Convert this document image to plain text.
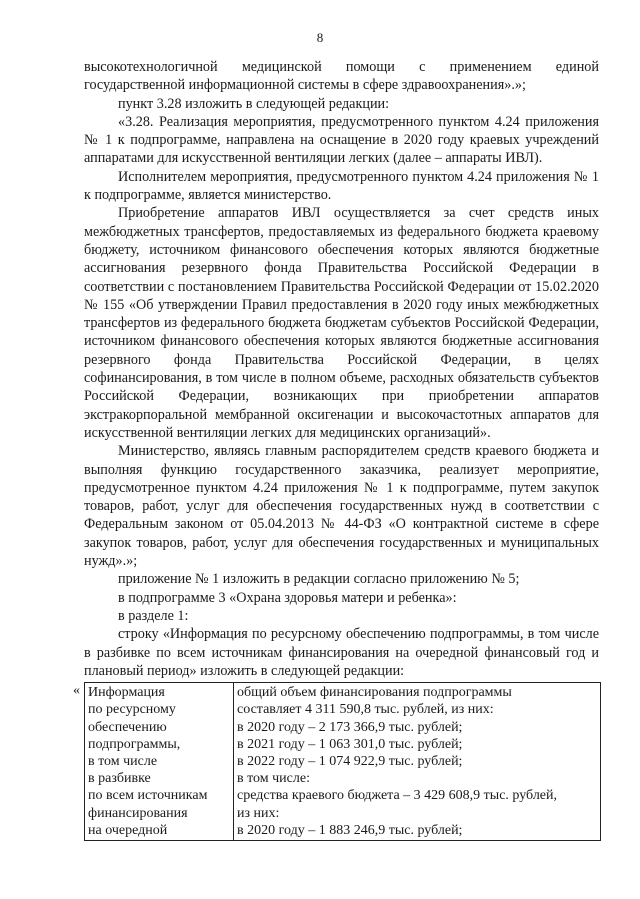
8

высокотехнологичной медицинской помощи с применением единой государственной информационной системы в сфере здравоохранения».»;

пункт 3.28 изложить в следующей редакции:

«3.28. Реализация мероприятия, предусмотренного пунктом 4.24 приложения № 1 к подпрограмме, направлена на оснащение в 2020 году краевых учреждений аппаратами для искусственной вентиляции легких (далее – аппараты ИВЛ).

Исполнителем мероприятия, предусмотренного пунктом 4.24 приложения № 1 к подпрограмме, является министерство.

Приобретение аппаратов ИВЛ осуществляется за счет средств иных межбюджетных трансфертов, предоставляемых из федерального бюджета краевому бюджету, источником финансового обеспечения которых являются бюджетные ассигнования резервного фонда Правительства Российской Федерации в соответствии с постановлением Правительства Российской Федерации от 15.02.2020 № 155 «Об утверждении Правил предоставления в 2020 году иных межбюджетных трансфертов из федерального бюджета бюджетам субъектов Российской Федерации, источником финансового обеспечения которых являются бюджетные ассигнования резервного фонда Правительства Российской Федерации, в целях софинансирования, в том числе в полном объеме, расходных обязательств субъектов Российской Федерации, возникающих при приобретении аппаратов экстракорпоральной мембранной оксигенации и высокочастотных аппаратов для искусственной вентиляции легких для медицинских организаций».

Министерство, являясь главным распорядителем средств краевого бюджета и выполняя функцию государственного заказчика, реализует мероприятие, предусмотренное пунктом 4.24 приложения № 1 к подпрограмме, путем закупок товаров, работ, услуг для обеспечения государственных нужд в соответствии с Федеральным законом от 05.04.2013 № 44-ФЗ «О контрактной системе в сфере закупок товаров, работ, услуг для обеспечения государственных и муниципальных нужд».»;

приложение № 1 изложить в редакции согласно приложению № 5;

в подпрограмме 3 «Охрана здоровья матери и ребенка»:

в разделе 1:

строку «Информация по ресурсному обеспечению подпрограммы, в том числе в разбивке по всем источникам финансирования на очередной финансовый год и плановый период» изложить в следующей редакции:

« Информация
по ресурсному
обеспечению
подпрограммы,
в том числе
в разбивке
по всем источникам
финансирования
на очередной

общий объем финансирования подпрограммы
составляет 4 311 590,8 тыс. рублей, из них:
в 2020 году – 2 173 366,9 тыс. рублей;
в 2021 году – 1 063 301,0 тыс. рублей;
в 2022 году – 1 074 922,9 тыс. рублей;
в том числе:
средства краевого бюджета – 3 429 608,9 тыс. рублей,
из них:
в 2020 году – 1 883 246,9 тыс. рублей;
